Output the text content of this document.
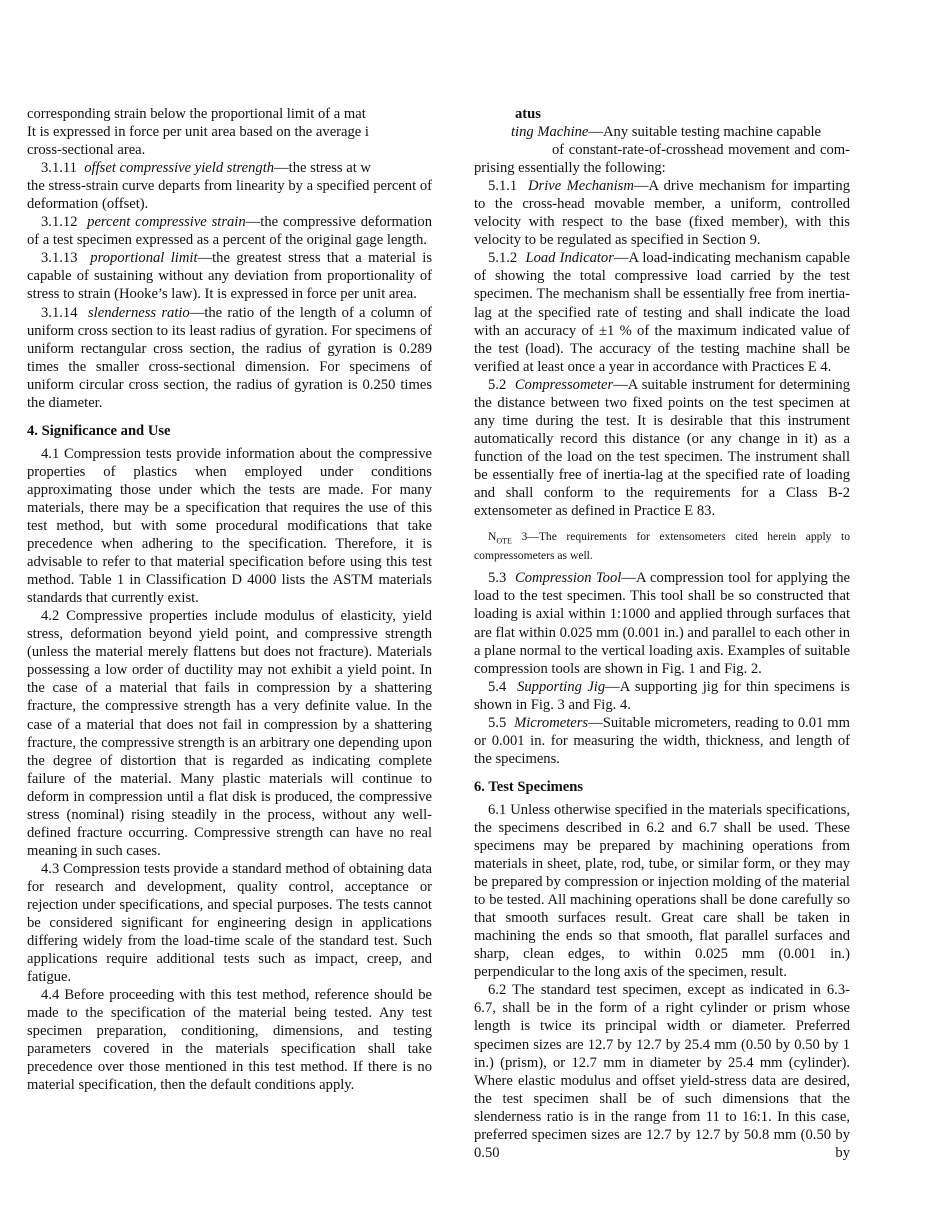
corresponding strain below the proportional limit of a mat
It is expressed in force per unit area based on the average i
cross-sectional area.
3.1.11 offset compressive yield strength—the stress at w

the stress-strain curve departs from linearity by a specified percent of deformation (offset).

3.1.12 percent compressive strain—the compressive deformation of a test specimen expressed as a percent of the original gage length.

3.1.13 proportional limit—the greatest stress that a material is capable of sustaining without any deviation from proportionality of stress to strain (Hooke’s law). It is expressed in force per unit area.

3.1.14 slenderness ratio—the ratio of the length of a column of uniform cross section to its least radius of gyration. For specimens of uniform rectangular cross section, the radius of gyration is 0.289 times the smaller cross-sectional dimension. For specimens of uniform circular cross section, the radius of gyration is 0.250 times the diameter.

4. Significance and Use

4.1 Compression tests provide information about the compressive properties of plastics when employed under conditions approximating those under which the tests are made. For many materials, there may be a specification that requires the use of this test method, but with some procedural modifications that take precedence when adhering to the specification. Therefore, it is advisable to refer to that material specification before using this test method. Table 1 in Classification D 4000 lists the ASTM materials standards that currently exist.

4.2 Compressive properties include modulus of elasticity, yield stress, deformation beyond yield point, and compressive strength (unless the material merely flattens but does not fracture). Materials possessing a low order of ductility may not exhibit a yield point. In the case of a material that fails in compression by a shattering fracture, the compressive strength has a very definite value. In the case of a material that does not fail in compression by a shattering fracture, the compressive strength is an arbitrary one depending upon the degree of distortion that is regarded as indicating complete failure of the material. Many plastic materials will continue to deform in compression until a flat disk is produced, the compressive stress (nominal) rising steadily in the process, without any well-defined fracture occurring. Compressive strength can have no real meaning in such cases.

4.3 Compression tests provide a standard method of obtaining data for research and development, quality control, acceptance or rejection under specifications, and special purposes. The tests cannot be considered significant for engineering design in applications differing widely from the load-time scale of the standard test. Such applications require additional tests such as impact, creep, and fatigue.

4.4 Before proceeding with this test method, reference should be made to the specification of the material being tested. Any test specimen preparation, conditioning, dimensions, and testing parameters covered in the materials specification shall take precedence over those mentioned in this test method. If there is no material specification, then the default conditions apply.

atus
ting Machine—Any suitable testing machine capable
of constant-rate-of-crosshead movement and com-
prising essentially the following:

5.1.1 Drive Mechanism—A drive mechanism for imparting to the cross-head movable member, a uniform, controlled velocity with respect to the base (fixed member), with this velocity to be regulated as specified in Section 9.

5.1.2 Load Indicator—A load-indicating mechanism capable of showing the total compressive load carried by the test specimen. The mechanism shall be essentially free from inertia-lag at the specified rate of testing and shall indicate the load with an accuracy of ±1 % of the maximum indicated value of the test (load). The accuracy of the testing machine shall be verified at least once a year in accordance with Practices E 4.

5.2 Compressometer—A suitable instrument for determining the distance between two fixed points on the test specimen at any time during the test. It is desirable that this instrument automatically record this distance (or any change in it) as a function of the load on the test specimen. The instrument shall be essentially free of inertia-lag at the specified rate of loading and shall conform to the requirements for a Class B-2 extensometer as defined in Practice E 83.

$N_{OTE}$ 3—The requirements for extensometers cited herein apply to compressometers as well.

5.3 Compression Tool—A compression tool for applying the load to the test specimen. This tool shall be so constructed that loading is axial within 1:1000 and applied through surfaces that are flat within 0.025 mm (0.001 in.) and parallel to each other in a plane normal to the vertical loading axis. Examples of suitable compression tools are shown in Fig. 1 and Fig. 2.

5.4 Supporting Jig—A supporting jig for thin specimens is shown in Fig. 3 and Fig. 4.

5.5 Micrometers—Suitable micrometers, reading to 0.01 mm or 0.001 in. for measuring the width, thickness, and length of the specimens.

6. Test Specimens

6.1 Unless otherwise specified in the materials specifications, the specimens described in 6.2 and 6.7 shall be used. These specimens may be prepared by machining operations from materials in sheet, plate, rod, tube, or similar form, or they may be prepared by compression or injection molding of the material to be tested. All machining operations shall be done carefully so that smooth surfaces result. Great care shall be taken in machining the ends so that smooth, flat parallel surfaces and sharp, clean edges, to within 0.025 mm (0.001 in.) perpendicular to the long axis of the specimen, result.

6.2 The standard test specimen, except as indicated in 6.3-6.7, shall be in the form of a right cylinder or prism whose length is twice its principal width or diameter. Preferred specimen sizes are 12.7 by 12.7 by 25.4 mm (0.50 by 0.50 by 1 in.) (prism), or 12.7 mm in diameter by 25.4 mm (cylinder). Where elastic modulus and offset yield-stress data are desired, the test specimen shall be of such dimensions that the slenderness ratio is in the range from 11 to 16:1. In this case, preferred specimen sizes are 12.7 by 12.7 by 50.8 mm (0.50 by 0.50 by
